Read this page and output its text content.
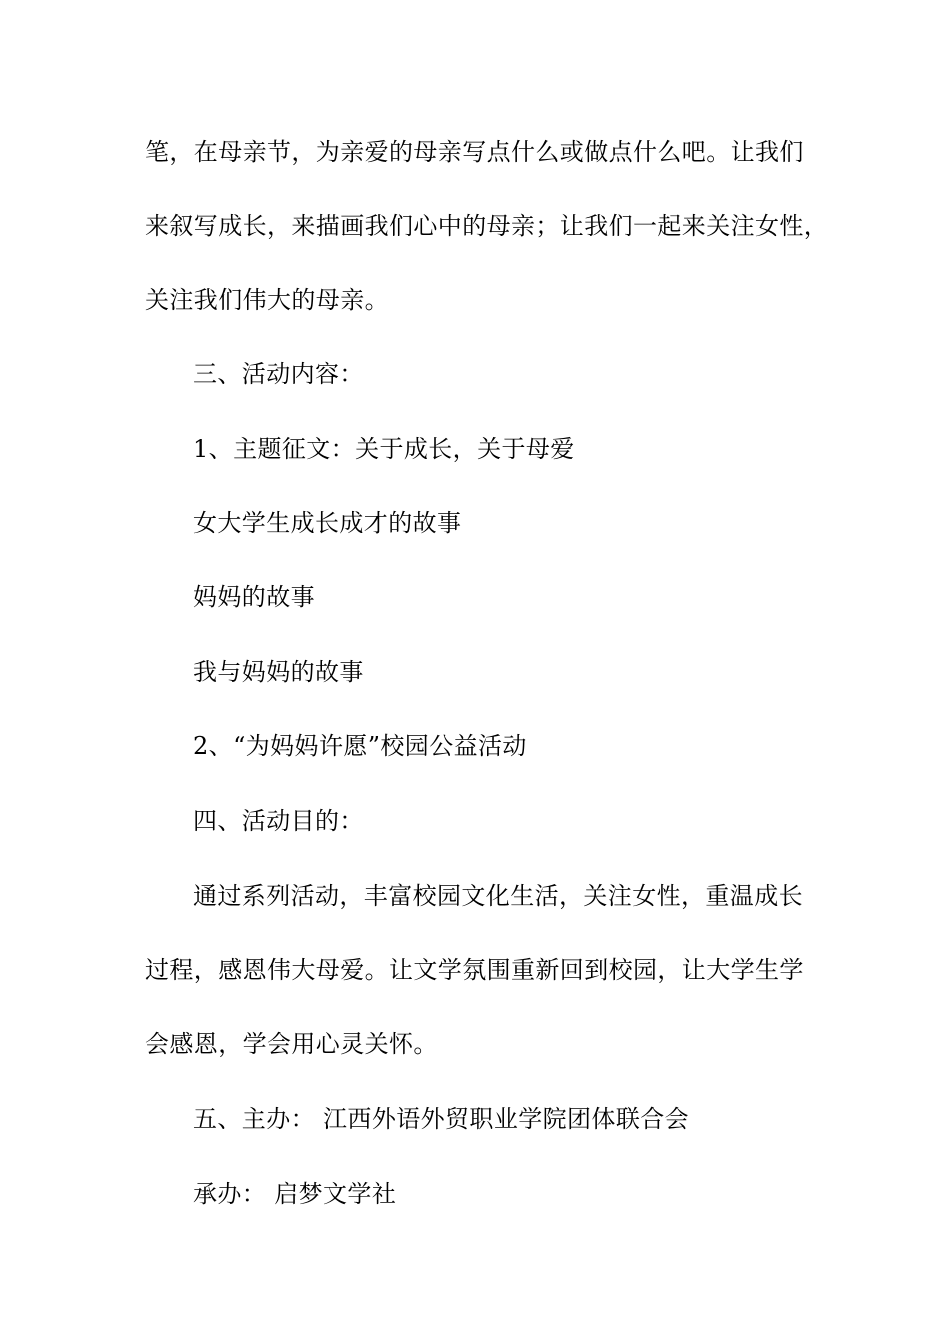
笔，在母亲节，为亲爱的母亲写点什么或做点什么吧。让我们
来叙写成长，来描画我们心中的母亲；让我们一起来关注女性，
关注我们伟大的母亲。
三、活动内容：
1、主题征文：关于成长，关于母爱
女大学生成长成才的故事
妈妈的故事
我与妈妈的故事
2、“为妈妈许愿”校园公益活动
四、活动目的：
通过系列活动，丰富校园文化生活，关注女性，重温成长
过程，感恩伟大母爱。让文学氛围重新回到校园，让大学生学
会感恩，学会用心灵关怀。
五、主办： 江西外语外贸职业学院团体联合会
承办： 启梦文学社
